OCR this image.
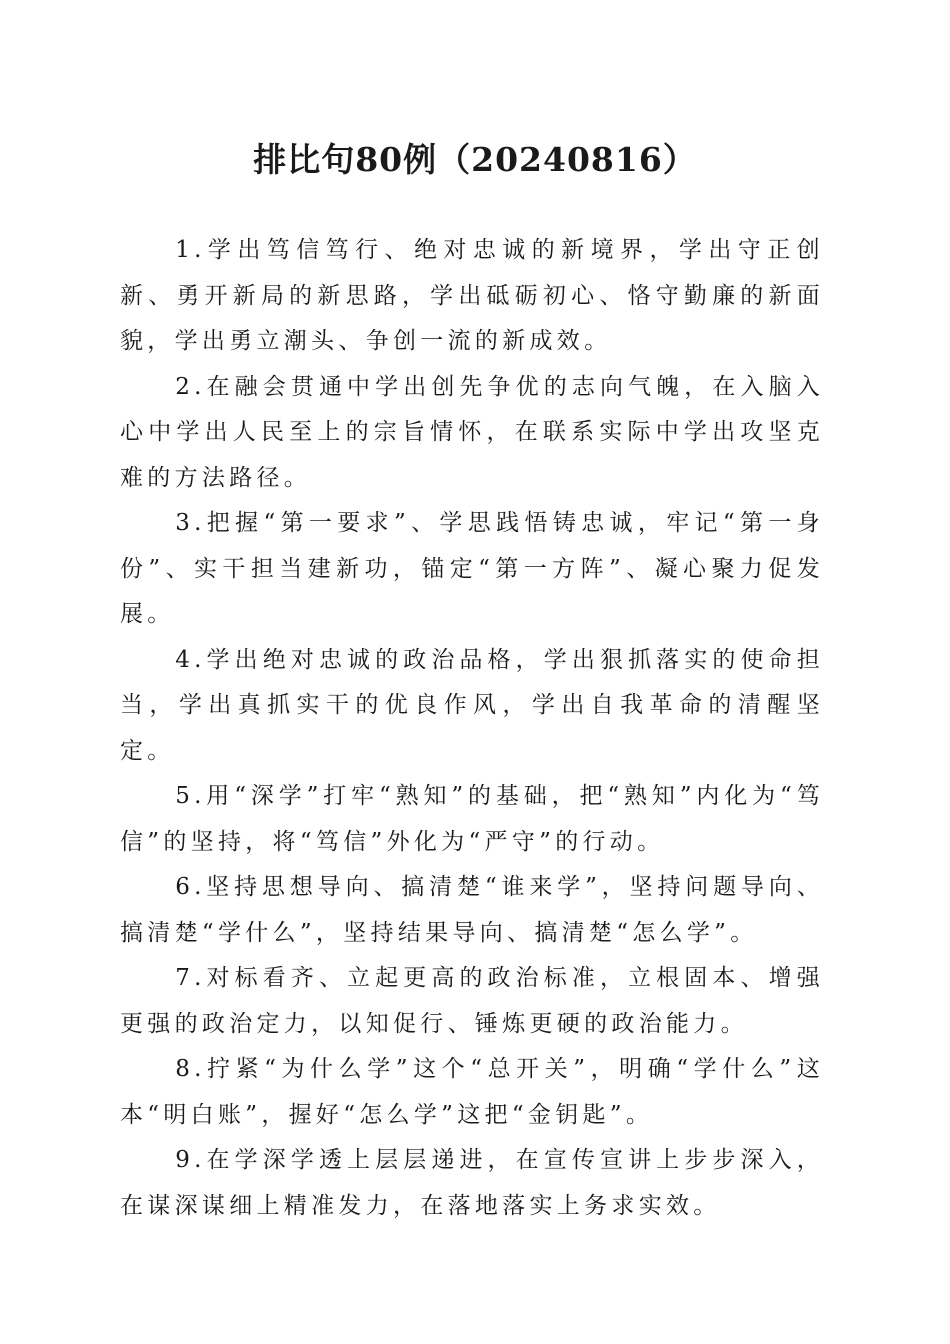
排比句80例（20240816）

1.学出笃信笃行、绝对忠诚的新境界，学出守正创新、勇开新局的新思路，学出砥砺初心、恪守勤廉的新面貌，学出勇立潮头、争创一流的新成效。

2.在融会贯通中学出创先争优的志向气魄，在入脑入心中学出人民至上的宗旨情怀，在联系实际中学出攻坚克难的方法路径。

3.把握“第一要求”、学思践悟铸忠诚，牢记“第一身份”、实干担当建新功，锚定“第一方阵”、凝心聚力促发展。

4.学出绝对忠诚的政治品格，学出狠抓落实的使命担当，学出真抓实干的优良作风，学出自我革命的清醒坚定。

5.用“深学”打牢“熟知”的基础，把“熟知”内化为“笃信”的坚持，将“笃信”外化为“严守”的行动。

6.坚持思想导向、搞清楚“谁来学”，坚持问题导向、搞清楚“学什么”，坚持结果导向、搞清楚“怎么学”。

7.对标看齐、立起更高的政治标准，立根固本、增强更强的政治定力，以知促行、锤炼更硬的政治能力。

8.拧紧“为什么学”这个“总开关”，明确“学什么”这本“明白账”，握好“怎么学”这把“金钥匙”。

9.在学深学透上层层递进，在宣传宣讲上步步深入，在谋深谋细上精准发力，在落地落实上务求实效。
